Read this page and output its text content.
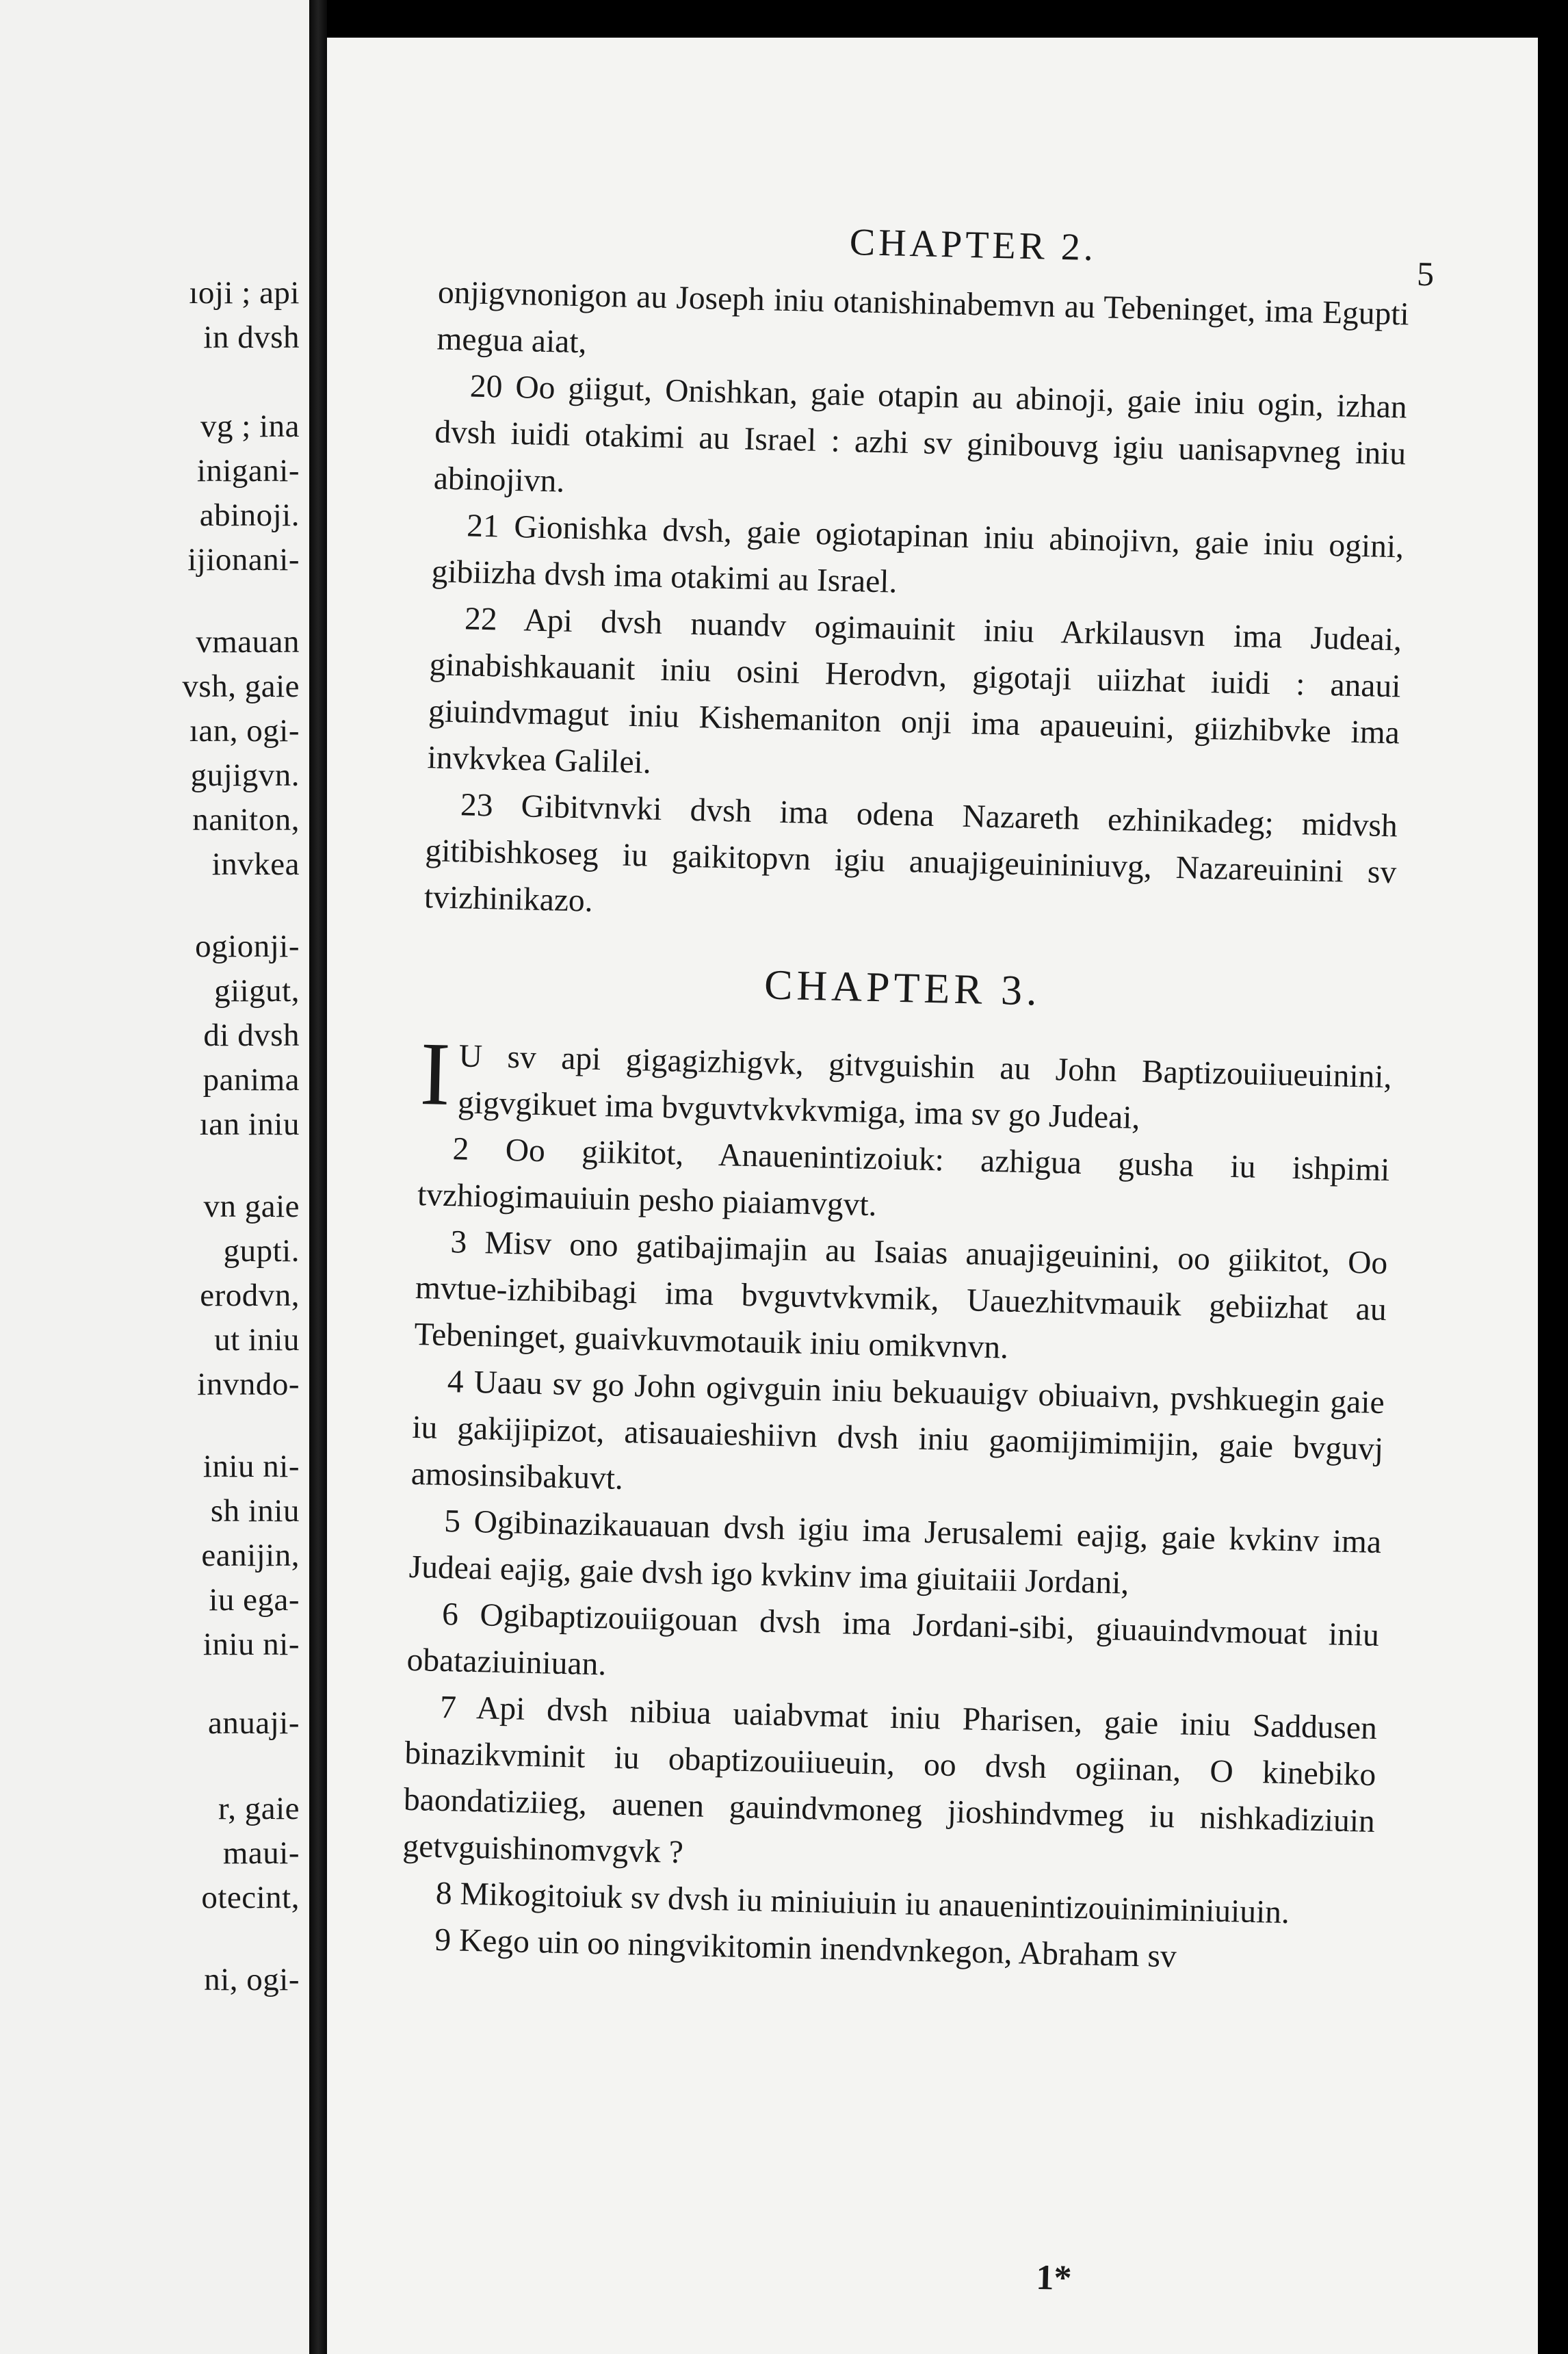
ıoji ; api
in dvsh
vg ; ina
inigani-
abinoji.
ijionani-
vmauan
vsh, gaie
ıan, ogi-
gujigvn.
naniton,
invkea
ogionji-
giigut,
di dvsh
panima
ıan iniu
vn gaie
gupti.
erodvn,
ut iniu
invndo-
iniu ni-
sh iniu
eanijin,
iu ega-
iniu ni-
anuaji-
r, gaie
maui-
otecint,
ni, ogi-
CHAPTER 2.
5

onjigvnonigon au Joseph iniu otanishinabemvn au Tebeninget, ima Egupti megua aiat,

20 Oo giigut, Onishkan, gaie otapin au abinoji, gaie iniu ogin, izhan dvsh iuidi otakimi au Israel : azhi sv ginibouvg igiu uanisapvneg iniu abinojivn.

21 Gionishka dvsh, gaie ogiotapinan iniu abinojivn, gaie iniu ogini, gibiizha dvsh ima otakimi au Israel.

22 Api dvsh nuandv ogimauinit iniu Arkilausvn ima Judeai, ginabishkauanit iniu osini Herodvn, gigotaji uiizhat iuidi : anaui giuindvmagut iniu Kishemaniton onji ima apaueuini, giizhibvke ima invkvkea Galilei.

23 Gibitvnvki dvsh ima odena Nazareth ezhinikadeg; midvsh gitibishkoseg iu gaikitopvn igiu anuajigeuininiuvg, Nazareuinini sv tvizhinikazo.

CHAPTER 3.

IU sv api gigagizhigvk, gitvguishin au John Baptizouiiueuinini, gigvgikuet ima bvguvtvkvkvmiga, ima sv go Judeai,

2 Oo giikitot, Anauenintizoiuk: azhigua gusha iu ishpimi tvzhiogimauiuin pesho piaiamvgvt.

3 Misv ono gatibajimajin au Isaias anuajigeuinini, oo giikitot, Oo mvtue-izhibibagi ima bvguvtvkvmik, Uauezhitvmauik gebiizhat au Tebeninget, guaivkuvmotauik iniu omikvnvn.

4 Uaau sv go John ogivguin iniu bekuauigv obiuaivn, pvshkuegin gaie iu gakijipizot, atisauaieshiivn dvsh iniu gaomijimimijin, gaie bvguvj amosinsibakuvt.

5 Ogibinazikauauan dvsh igiu ima Jerusalemi eajig, gaie kvkinv ima Judeai eajig, gaie dvsh igo kvkinv ima giuitaiii Jordani,

6 Ogibaptizouiigouan dvsh ima Jordani-sibi, giuauindvmouat iniu obataziuiniuan.

7 Api dvsh nibiua uaiabvmat iniu Pharisen, gaie iniu Saddusen binazikvminit iu obaptizouiiueuin, oo dvsh ogiinan, O kinebiko baondatiziieg, auenen gauindvmoneg jioshindvmeg iu nishkadiziuin getvguishinomvgvk ?

8 Mikogitoiuk sv dvsh iu miniuiuin iu anauenintizouiniminiuiuin.

9 Kego uin oo ningvikitomin inendvnkegon, Abraham sv

1*
